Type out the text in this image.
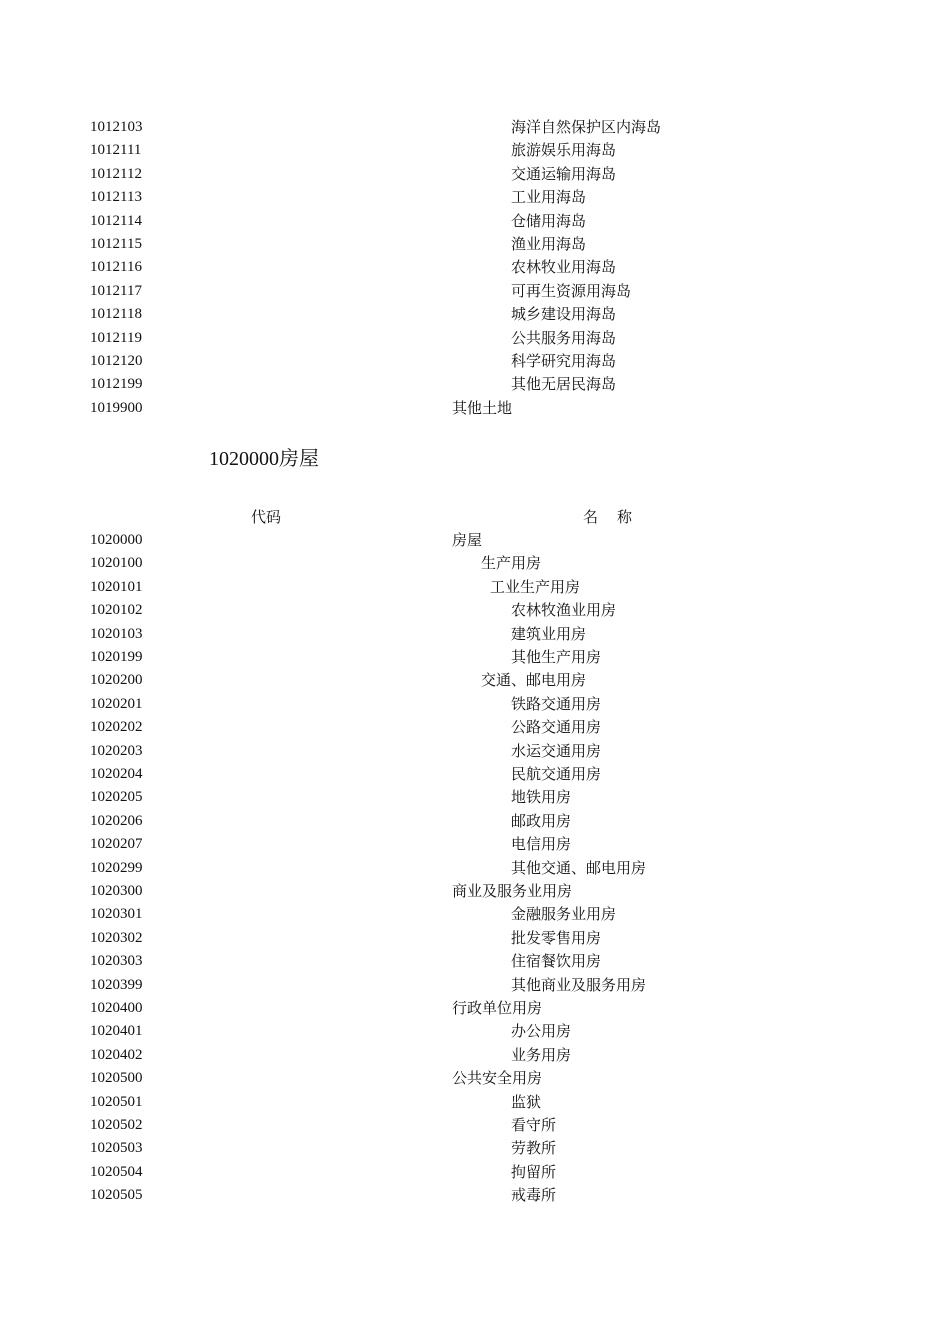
1012103	海洋自然保护区内海岛
1012111	旅游娱乐用海岛
1012112	交通运输用海岛
1012113	工业用海岛
1012114	仓储用海岛
1012115	渔业用海岛
1012116	农林牧业用海岛
1012117	可再生资源用海岛
1012118	城乡建设用海岛
1012119	公共服务用海岛
1012120	科学研究用海岛
1012199	其他无居民海岛
1019900	其他土地
1020000房屋
代码	名　称
1020000	房屋
1020100	生产用房
1020101	工业生产用房
1020102	农林牧渔业用房
1020103	建筑业用房
1020199	其他生产用房
1020200	交通、邮电用房
1020201	铁路交通用房
1020202	公路交通用房
1020203	水运交通用房
1020204	民航交通用房
1020205	地铁用房
1020206	邮政用房
1020207	电信用房
1020299	其他交通、邮电用房
1020300	商业及服务业用房
1020301	金融服务业用房
1020302	批发零售用房
1020303	住宿餐饮用房
1020399	其他商业及服务用房
1020400	行政单位用房
1020401	办公用房
1020402	业务用房
1020500	公共安全用房
1020501	监狱
1020502	看守所
1020503	劳教所
1020504	拘留所
1020505	戒毒所
